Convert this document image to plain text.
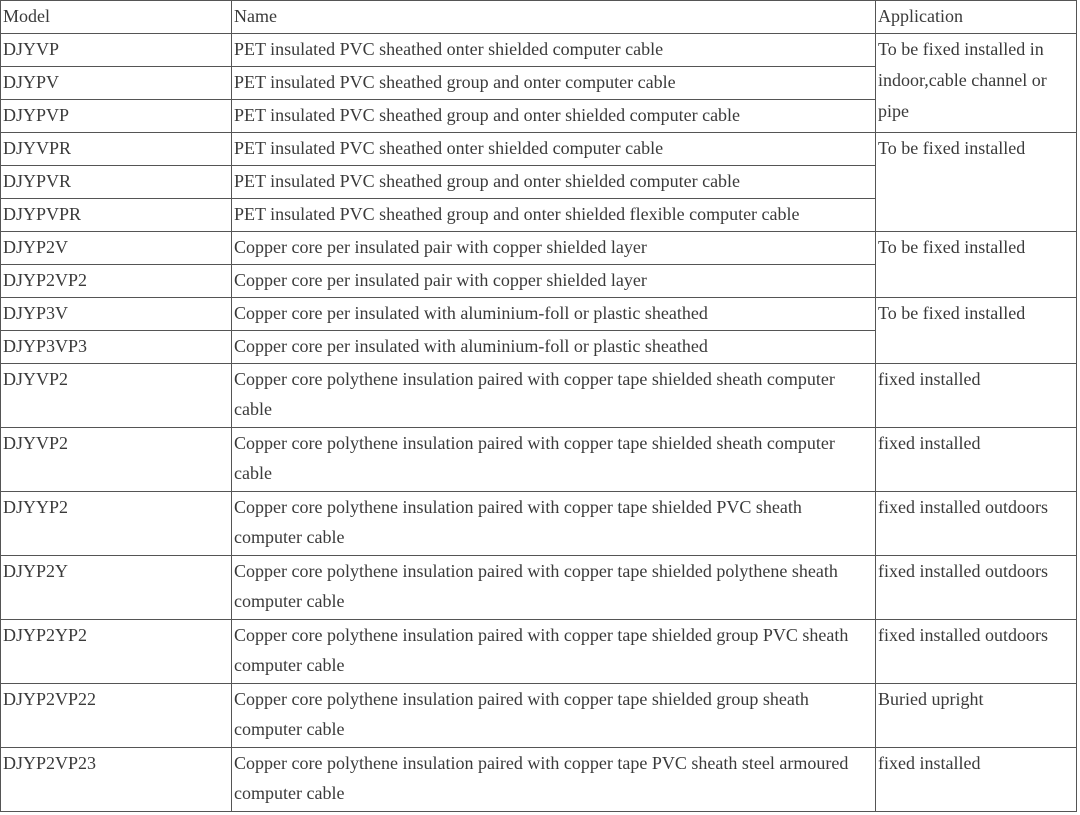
Model	Name	Application
DJYVP	PET insulated PVC sheathed onter shielded computer cable	To be fixed installed in indoor,cable channel or pipe
DJYPV	PET insulated PVC sheathed group and onter computer cable	
DJYPVP	PET insulated PVC sheathed group and onter shielded computer cable	
DJYVPR	PET insulated PVC sheathed onter shielded computer cable	To be fixed installed
DJYPVR	PET insulated PVC sheathed group and onter shielded computer cable	
DJYPVPR	PET insulated PVC sheathed group and onter shielded flexible computer cable	
DJYP2V	Copper core per insulated pair with copper shielded layer	To be fixed installed
DJYP2VP2	Copper core per insulated pair with copper shielded layer	
DJYP3V	Copper core per insulated with aluminium-foll or plastic sheathed	To be fixed installed
DJYP3VP3	Copper core per insulated with aluminium-foll or plastic sheathed	
DJYVP2	Copper core polythene insulation paired with copper tape shielded sheath computer cable	fixed installed
DJYVP2	Copper core polythene insulation paired with copper tape shielded sheath computer cable	fixed installed
DJYYP2	Copper core polythene insulation paired with copper tape shielded PVC sheath computer cable	fixed installed outdoors
DJYP2Y	Copper core polythene insulation paired with copper tape shielded polythene sheath computer cable	fixed installed outdoors
DJYP2YP2	Copper core polythene insulation paired with copper tape shielded group PVC sheath computer cable	fixed installed outdoors
DJYP2VP22	Copper core polythene insulation paired with copper tape shielded group sheath computer cable	Buried upright
DJYP2VP23	Copper core polythene insulation paired with copper tape PVC sheath steel armoured computer cable	fixed installed
